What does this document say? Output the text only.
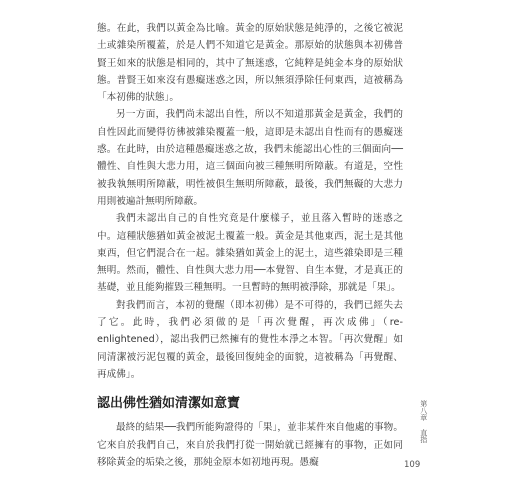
態。在此，我們以黃金為比喻。黃金的原始狀態是純淨的，之後它被泥土或雜染所覆蓋，於是人們不知道它是黃金。那原始的狀態與本初佛普賢王如來的狀態是相同的，其中了無迷惑，它純粹是純金本身的原始狀態。普賢王如來沒有愚癡迷惑之因，所以無須淨除任何東西，這被稱為「本初佛的狀態」。

另一方面，我們尚未認出自性，所以不知道那黃金是黃金，我們的自性因此而變得彷彿被雜染覆蓋一般，這即是未認出自性而有的愚癡迷惑。在此時，由於這種愚癡迷惑之故，我們未能認出心性的三個面向──體性、自性與大悲力用，這三個面向被三種無明所障蔽。有道是，空性被我執無明所障蔽，明性被俱生無明所障蔽，最後，我們無礙的大悲力用則被遍計無明所障蔽。

我們未認出自己的自性究竟是什麼樣子，並且落入暫時的迷惑之中。這種狀態猶如黃金被泥土覆蓋一般。黃金是其他東西，泥土是其他東西，但它們混合在一起。雜染猶如黃金上的泥土，這些雜染即是三種無明。然而，體性、自性與大悲力用──本覺智、自生本覺，才是真正的基礎，並且能夠摧毀三種無明。一旦暫時的無明被淨除，那就是「果」。

對我們而言，本初的覺醒（即本初佛）是不可得的，我們已經失去了它。此時，我們必須做的是「再次覺醒，再次成佛」（re-enlightened），認出我們已然擁有的覺性本淨之本智。「再次覺醒」如同清潔被污泥包覆的黃金，最後回復純金的面貌，這被稱為「再覺醒、再成佛」。

認出佛性猶如清潔如意寶

最終的結果──我們所能夠證得的「果」，並非某件來自他處的事物。它來自於我們自己，來自於我們打從一開始就已經擁有的事物，正如同移除黃金的垢染之後，那純金原本如初地再現。愚癡

第八章
直指
109
